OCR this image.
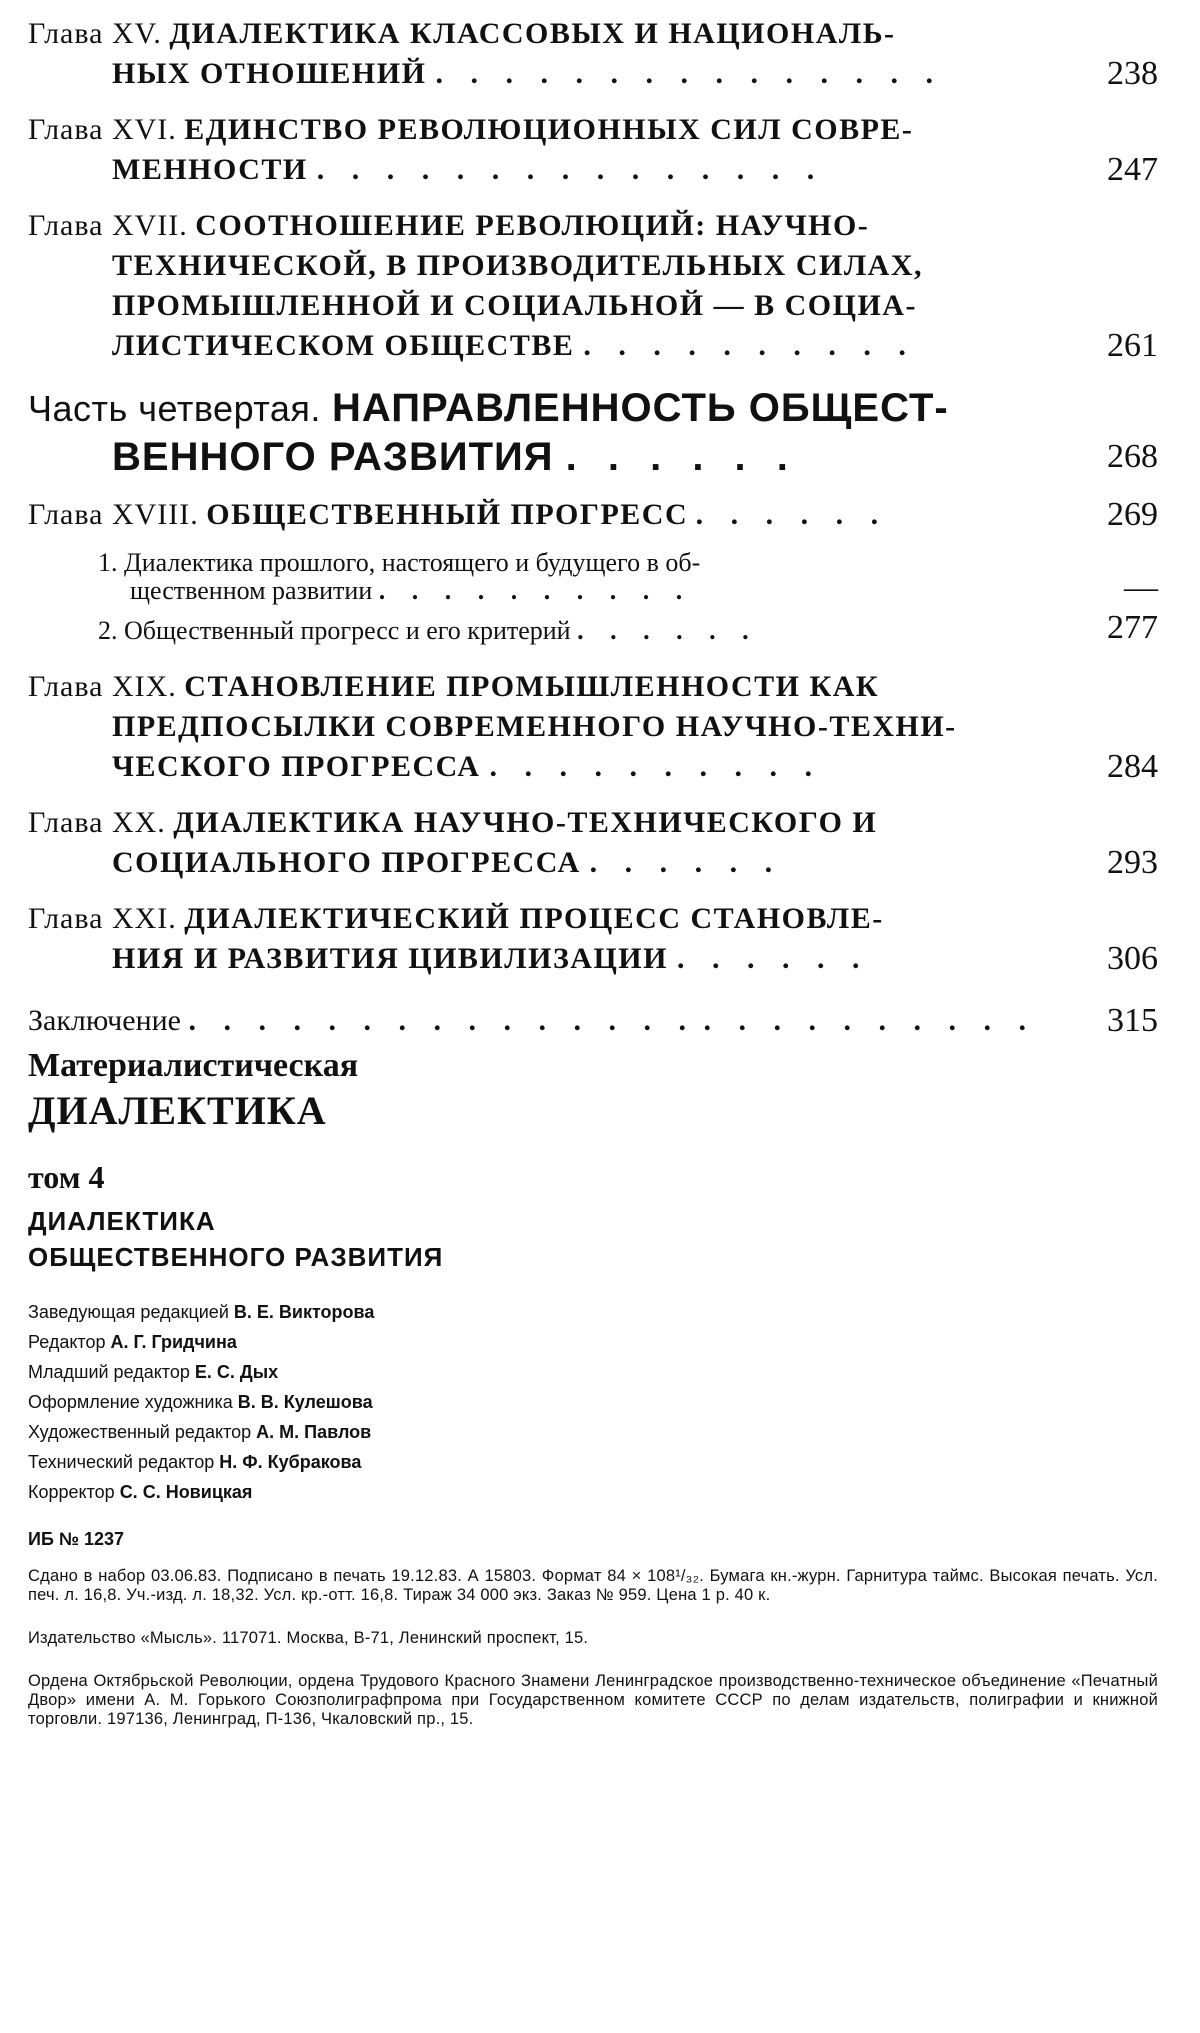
Глава XV. ДИАЛЕКТИКА КЛАССОВЫХ И НАЦИОНАЛЬ-
НЫХ ОТНОШЕНИЙ . . . . . . . . . . . . . . .	238
Глава XVI. ЕДИНСТВО РЕВОЛЮЦИОННЫХ СИЛ СОВРЕ-
МЕННОСТИ . . . . . . . . . . . . . . .	247
Глава XVII. СООТНОШЕНИЕ РЕВОЛЮЦИЙ: НАУЧНО-
ТЕХНИЧЕСКОЙ, В ПРОИЗВОДИТЕЛЬНЫХ СИЛАХ,
ПРОМЫШЛЕННОЙ И СОЦИАЛЬНОЙ — В СОЦИА-
ЛИСТИЧЕСКОМ ОБЩЕСТВЕ . . . . . . . . . .	261
Часть четвертая. НАПРАВЛЕННОСТЬ ОБЩЕСТ-
ВЕННОГО РАЗВИТИЯ . . . . . .	268
Глава XVIII. ОБЩЕСТВЕННЫЙ ПРОГРЕСС . . . . . .	269
1. Диалектика прошлого, настоящего и будущего в об-
щественном развитии . . . . . . . . . .	—
2. Общественный прогресс и его критерий . . . . . .	277
Глава XIX. СТАНОВЛЕНИЕ ПРОМЫШЛЕННОСТИ КАК
ПРЕДПОСЫЛКИ СОВРЕМЕННОГО НАУЧНО-ТЕХНИ-
ЧЕСКОГО ПРОГРЕССА . . . . . . . . . .	284
Глава XX. ДИАЛЕКТИКА НАУЧНО-ТЕХНИЧЕСКОГО И
СОЦИАЛЬНОГО ПРОГРЕССА . . . . . .	293
Глава XXI. ДИАЛЕКТИЧЕСКИЙ ПРОЦЕСС СТАНОВЛЕ-
НИЯ И РАЗВИТИЯ ЦИВИЛИЗАЦИИ . . . . . .	306
Заключение . . . . . . . . . . . . . . . . . . . . . . . . .	315
Материалистическая
ДИАЛЕКТИКА
том 4
ДИАЛЕКТИКА
ОБЩЕСТВЕННОГО РАЗВИТИЯ
Заведующая редакцией В. Е. Викторова
Редактор А. Г. Гридчина
Младший редактор Е. С. Дых
Оформление художника В. В. Кулешова
Художественный редактор А. М. Павлов
Технический редактор Н. Ф. Кубракова
Корректор С. С. Новицкая
ИБ № 1237

Сдано в набор 03.06.83. Подписано в печать 19.12.83. А 15803. Формат 84 × 108¹/₃₂. Бумага кн.-журн. Гарнитура таймс. Высокая печать. Усл. печ. л. 16,8. Уч.-изд. л. 18,32. Усл. кр.-отт. 16,8. Тираж 34 000 экз. Заказ № 959. Цена 1 р. 40 к.

Издательство «Мысль». 117071. Москва, В-71, Ленинский проспект, 15.

Ордена Октябрьской Революции, ордена Трудового Красного Знамени Ленинградское производственно-техническое объединение «Печатный Двор» имени А. М. Горького Союзполиграфпрома при Государственном комитете СССР по делам издательств, полиграфии и книжной торговли. 197136, Ленинград, П-136, Чкаловский пр., 15.
